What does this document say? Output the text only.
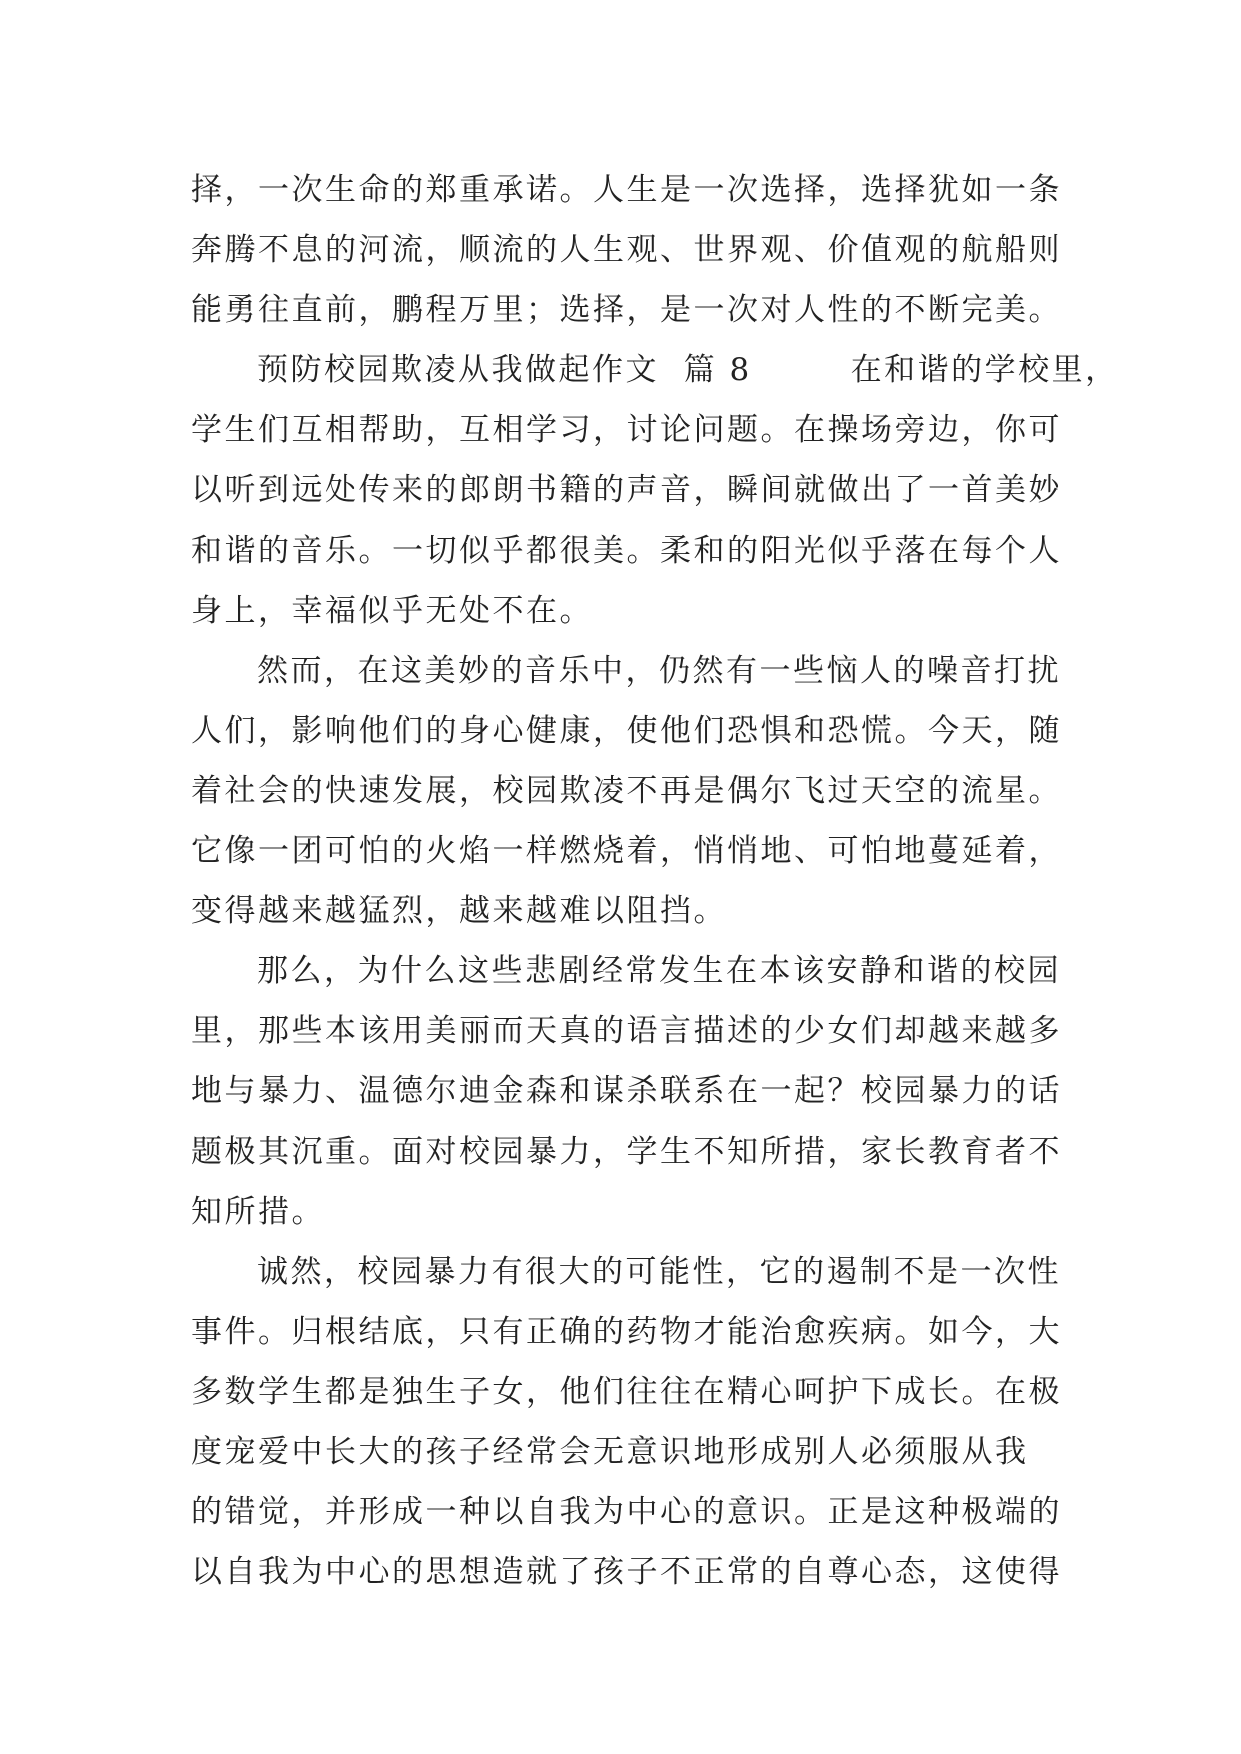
择，一次生命的郑重承诺。人生是一次选择，选择犹如一条
奔腾不息的河流，顺流的人生观、世界观、价值观的航船则
能勇往直前，鹏程万里；选择，是一次对人性的不断完美。
预防校园欺凌从我做起作文  篇 8        在和谐的学校里，
学生们互相帮助，互相学习，讨论问题。在操场旁边，你可
以听到远处传来的郎朗书籍的声音，瞬间就做出了一首美妙
和谐的音乐。一切似乎都很美。柔和的阳光似乎落在每个人
身上，幸福似乎无处不在。
然而，在这美妙的音乐中，仍然有一些恼人的噪音打扰
人们，影响他们的身心健康，使他们恐惧和恐慌。今天，随
着社会的快速发展，校园欺凌不再是偶尔飞过天空的流星。
它像一团可怕的火焰一样燃烧着，悄悄地、可怕地蔓延着，
变得越来越猛烈，越来越难以阻挡。
那么，为什么这些悲剧经常发生在本该安静和谐的校园
里，那些本该用美丽而天真的语言描述的少女们却越来越多
地与暴力、温德尔迪金森和谋杀联系在一起？校园暴力的话
题极其沉重。面对校园暴力，学生不知所措，家长教育者不
知所措。
诚然，校园暴力有很大的可能性，它的遏制不是一次性
事件。归根结底，只有正确的药物才能治愈疾病。如今，大
多数学生都是独生子女，他们往往在精心呵护下成长。在极
度宠爱中长大的孩子经常会无意识地形成别人必须服从我
的错觉，并形成一种以自我为中心的意识。正是这种极端的
以自我为中心的思想造就了孩子不正常的自尊心态，这使得
